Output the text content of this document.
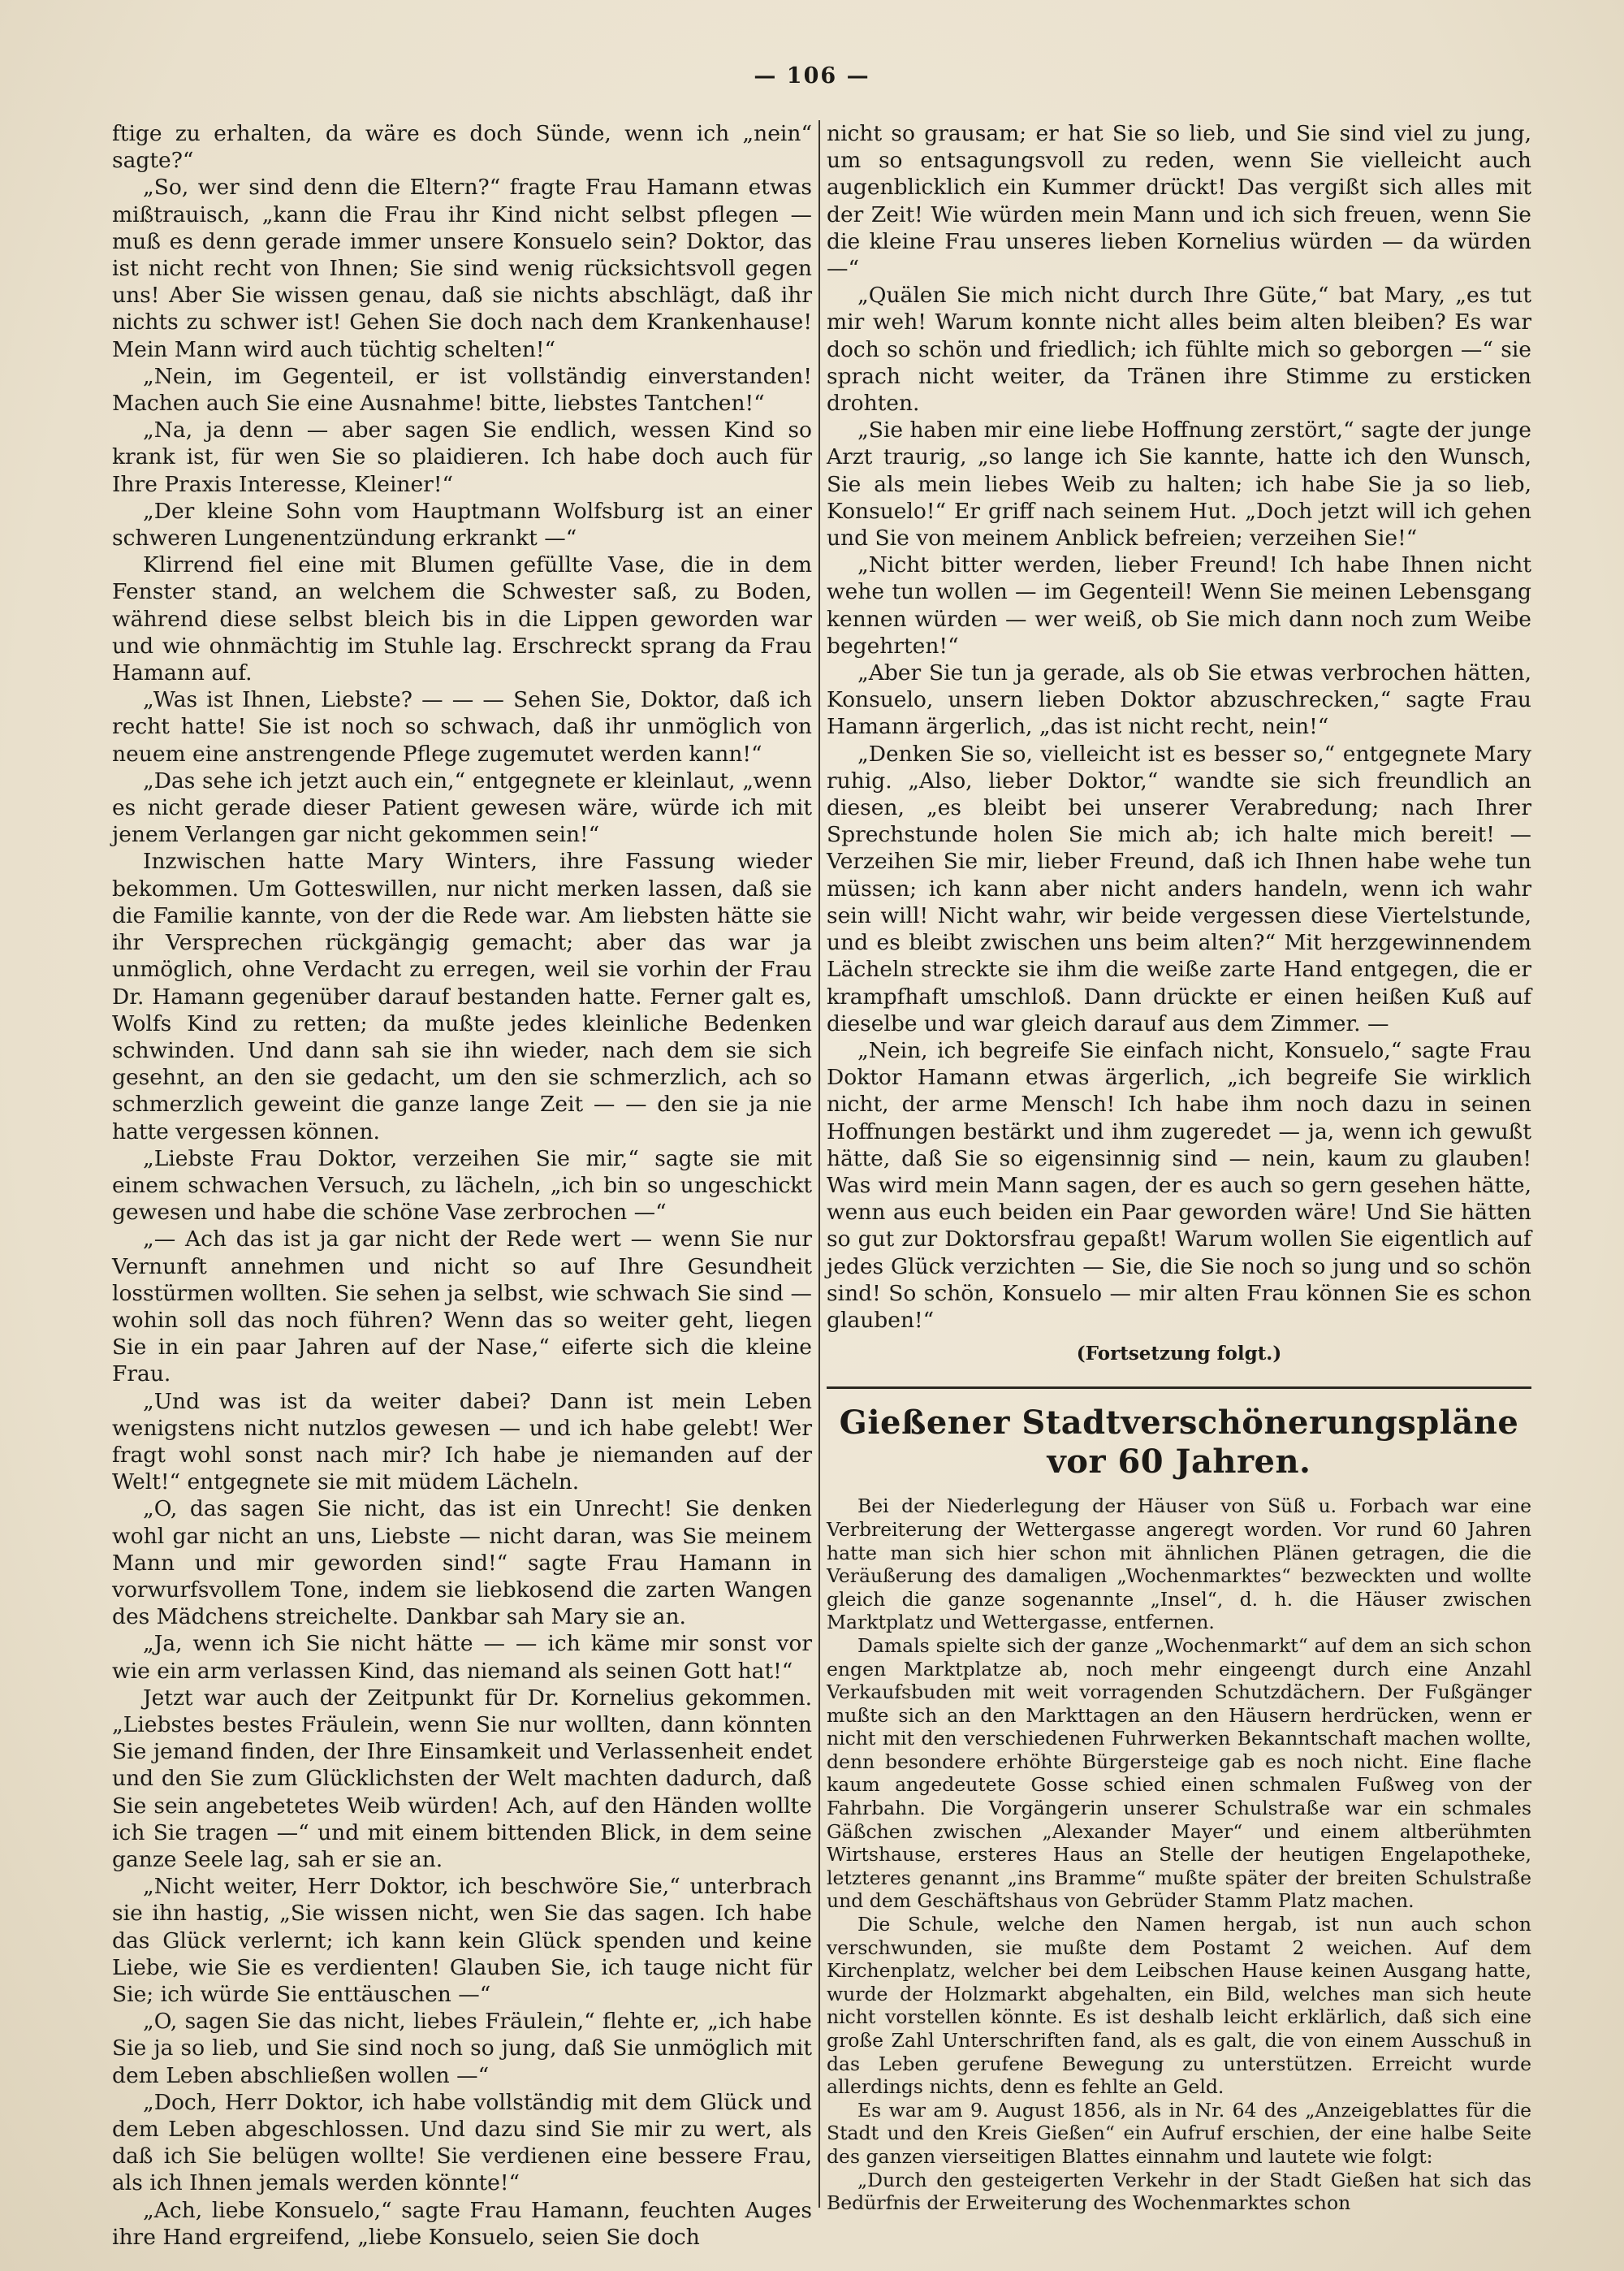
— 106 —

ftige zu erhalten, da wäre es doch Sünde, wenn ich „nein“ sagte?“

„So, wer sind denn die Eltern?“ fragte Frau Hamann etwas mißtrauisch, „kann die Frau ihr Kind nicht selbst pflegen — muß es denn gerade immer unsere Konsuelo sein? Doktor, das ist nicht recht von Ihnen; Sie sind wenig rücksichtsvoll gegen uns! Aber Sie wissen genau, daß sie nichts abschlägt, daß ihr nichts zu schwer ist! Gehen Sie doch nach dem Krankenhause! Mein Mann wird auch tüchtig schelten!“

„Nein, im Gegenteil, er ist vollständig einverstanden! Machen auch Sie eine Ausnahme! bitte, liebstes Tantchen!“

„Na, ja denn — aber sagen Sie endlich, wessen Kind so krank ist, für wen Sie so plaidieren. Ich habe doch auch für Ihre Praxis Interesse, Kleiner!“

„Der kleine Sohn vom Hauptmann Wolfsburg ist an einer schweren Lungenentzündung erkrankt —“

Klirrend fiel eine mit Blumen gefüllte Vase, die in dem Fenster stand, an welchem die Schwester saß, zu Boden, während diese selbst bleich bis in die Lippen geworden war und wie ohnmächtig im Stuhle lag. Erschreckt sprang da Frau Hamann auf.

„Was ist Ihnen, Liebste? — — — Sehen Sie, Doktor, daß ich recht hatte! Sie ist noch so schwach, daß ihr unmöglich von neuem eine anstrengende Pflege zugemutet werden kann!“

„Das sehe ich jetzt auch ein,“ entgegnete er kleinlaut, „wenn es nicht gerade dieser Patient gewesen wäre, würde ich mit jenem Verlangen gar nicht gekommen sein!“

Inzwischen hatte Mary Winters, ihre Fassung wieder bekommen. Um Gotteswillen, nur nicht merken lassen, daß sie die Familie kannte, von der die Rede war. Am liebsten hätte sie ihr Versprechen rückgängig gemacht; aber das war ja unmöglich, ohne Verdacht zu erregen, weil sie vorhin der Frau Dr. Hamann gegenüber darauf bestanden hatte. Ferner galt es, Wolfs Kind zu retten; da mußte jedes kleinliche Bedenken schwinden. Und dann sah sie ihn wieder, nach dem sie sich gesehnt, an den sie gedacht, um den sie schmerzlich, ach so schmerzlich geweint die ganze lange Zeit — — den sie ja nie hatte vergessen können.

„Liebste Frau Doktor, verzeihen Sie mir,“ sagte sie mit einem schwachen Versuch, zu lächeln, „ich bin so ungeschickt gewesen und habe die schöne Vase zerbrochen —“

„— Ach das ist ja gar nicht der Rede wert — wenn Sie nur Vernunft annehmen und nicht so auf Ihre Gesundheit losstürmen wollten. Sie sehen ja selbst, wie schwach Sie sind — wohin soll das noch führen? Wenn das so weiter geht, liegen Sie in ein paar Jahren auf der Nase,“ eiferte sich die kleine Frau.

„Und was ist da weiter dabei? Dann ist mein Leben wenigstens nicht nutzlos gewesen — und ich habe gelebt! Wer fragt wohl sonst nach mir? Ich habe je niemanden auf der Welt!“ entgegnete sie mit müdem Lächeln.

„O, das sagen Sie nicht, das ist ein Unrecht! Sie denken wohl gar nicht an uns, Liebste — nicht daran, was Sie meinem Mann und mir geworden sind!“ sagte Frau Hamann in vorwurfsvollem Tone, indem sie liebkosend die zarten Wangen des Mädchens streichelte. Dankbar sah Mary sie an.

„Ja, wenn ich Sie nicht hätte — — ich käme mir sonst vor wie ein arm verlassen Kind, das niemand als seinen Gott hat!“

Jetzt war auch der Zeitpunkt für Dr. Kornelius gekommen. „Liebstes bestes Fräulein, wenn Sie nur wollten, dann könnten Sie jemand finden, der Ihre Einsamkeit und Verlassenheit endet und den Sie zum Glücklichsten der Welt machten dadurch, daß Sie sein angebetetes Weib würden! Ach, auf den Händen wollte ich Sie tragen —“ und mit einem bittenden Blick, in dem seine ganze Seele lag, sah er sie an.

„Nicht weiter, Herr Doktor, ich beschwöre Sie,“ unterbrach sie ihn hastig, „Sie wissen nicht, wen Sie das sagen. Ich habe das Glück verlernt; ich kann kein Glück spenden und keine Liebe, wie Sie es verdienten! Glauben Sie, ich tauge nicht für Sie; ich würde Sie enttäuschen —“

„O, sagen Sie das nicht, liebes Fräulein,“ flehte er, „ich habe Sie ja so lieb, und Sie sind noch so jung, daß Sie unmöglich mit dem Leben abschließen wollen —“

„Doch, Herr Doktor, ich habe vollständig mit dem Glück und dem Leben abgeschlossen. Und dazu sind Sie mir zu wert, als daß ich Sie belügen wollte! Sie verdienen eine bessere Frau, als ich Ihnen jemals werden könnte!“

„Ach, liebe Konsuelo,“ sagte Frau Hamann, feuchten Auges ihre Hand ergreifend, „liebe Konsuelo, seien Sie doch

nicht so grausam; er hat Sie so lieb, und Sie sind viel zu jung, um so entsagungsvoll zu reden, wenn Sie vielleicht auch augenblicklich ein Kummer drückt! Das vergißt sich alles mit der Zeit! Wie würden mein Mann und ich sich freuen, wenn Sie die kleine Frau unseres lieben Kornelius würden — da würden —“

„Quälen Sie mich nicht durch Ihre Güte,“ bat Mary, „es tut mir weh! Warum konnte nicht alles beim alten bleiben? Es war doch so schön und friedlich; ich fühlte mich so geborgen —“ sie sprach nicht weiter, da Tränen ihre Stimme zu ersticken drohten.

„Sie haben mir eine liebe Hoffnung zerstört,“ sagte der junge Arzt traurig, „so lange ich Sie kannte, hatte ich den Wunsch, Sie als mein liebes Weib zu halten; ich habe Sie ja so lieb, Konsuelo!“ Er griff nach seinem Hut. „Doch jetzt will ich gehen und Sie von meinem Anblick befreien; verzeihen Sie!“

„Nicht bitter werden, lieber Freund! Ich habe Ihnen nicht wehe tun wollen — im Gegenteil! Wenn Sie meinen Lebensgang kennen würden — wer weiß, ob Sie mich dann noch zum Weibe begehrten!“

„Aber Sie tun ja gerade, als ob Sie etwas verbrochen hätten, Konsuelo, unsern lieben Doktor abzuschrecken,“ sagte Frau Hamann ärgerlich, „das ist nicht recht, nein!“

„Denken Sie so, vielleicht ist es besser so,“ entgegnete Mary ruhig. „Also, lieber Doktor,“ wandte sie sich freundlich an diesen, „es bleibt bei unserer Verabredung; nach Ihrer Sprechstunde holen Sie mich ab; ich halte mich bereit! — Verzeihen Sie mir, lieber Freund, daß ich Ihnen habe wehe tun müssen; ich kann aber nicht anders handeln, wenn ich wahr sein will! Nicht wahr, wir beide vergessen diese Viertelstunde, und es bleibt zwischen uns beim alten?“ Mit herzgewinnendem Lächeln streckte sie ihm die weiße zarte Hand entgegen, die er krampfhaft umschloß. Dann drückte er einen heißen Kuß auf dieselbe und war gleich darauf aus dem Zimmer. —

„Nein, ich begreife Sie einfach nicht, Konsuelo,“ sagte Frau Doktor Hamann etwas ärgerlich, „ich begreife Sie wirklich nicht, der arme Mensch! Ich habe ihm noch dazu in seinen Hoffnungen bestärkt und ihm zugeredet — ja, wenn ich gewußt hätte, daß Sie so eigensinnig sind — nein, kaum zu glauben! Was wird mein Mann sagen, der es auch so gern gesehen hätte, wenn aus euch beiden ein Paar geworden wäre! Und Sie hätten so gut zur Doktorsfrau gepaßt! Warum wollen Sie eigentlich auf jedes Glück verzichten — Sie, die Sie noch so jung und so schön sind! So schön, Konsuelo — mir alten Frau können Sie es schon glauben!“

(Fortsetzung folgt.)

Gießener Stadtverschönerungspläne vor 60 Jahren.

Bei der Niederlegung der Häuser von Süß u. Forbach war eine Verbreiterung der Wettergasse angeregt worden. Vor rund 60 Jahren hatte man sich hier schon mit ähnlichen Plänen getragen, die die Veräußerung des damaligen „Wochenmarktes“ bezweckten und wollte gleich die ganze sogenannte „Insel“, d. h. die Häuser zwischen Marktplatz und Wettergasse, entfernen.

Damals spielte sich der ganze „Wochenmarkt“ auf dem an sich schon engen Marktplatze ab, noch mehr eingeengt durch eine Anzahl Verkaufsbuden mit weit vorragenden Schutzdächern. Der Fußgänger mußte sich an den Markttagen an den Häusern herdrücken, wenn er nicht mit den verschiedenen Fuhrwerken Bekanntschaft machen wollte, denn besondere erhöhte Bürgersteige gab es noch nicht. Eine flache kaum angedeutete Gosse schied einen schmalen Fußweg von der Fahrbahn. Die Vorgängerin unserer Schulstraße war ein schmales Gäßchen zwischen „Alexander Mayer“ und einem altberühmten Wirtshause, ersteres Haus an Stelle der heutigen Engelapotheke, letzteres genannt „ins Bramme“ mußte später der breiten Schulstraße und dem Geschäftshaus von Gebrüder Stamm Platz machen.

Die Schule, welche den Namen hergab, ist nun auch schon verschwunden, sie mußte dem Postamt 2 weichen. Auf dem Kirchenplatz, welcher bei dem Leibschen Hause keinen Ausgang hatte, wurde der Holzmarkt abgehalten, ein Bild, welches man sich heute nicht vorstellen könnte. Es ist deshalb leicht erklärlich, daß sich eine große Zahl Unterschriften fand, als es galt, die von einem Ausschuß in das Leben gerufene Bewegung zu unterstützen. Erreicht wurde allerdings nichts, denn es fehlte an Geld.

Es war am 9. August 1856, als in Nr. 64 des „Anzeigeblattes für die Stadt und den Kreis Gießen“ ein Aufruf erschien, der eine halbe Seite des ganzen vierseitigen Blattes einnahm und lautete wie folgt:

„Durch den gesteigerten Verkehr in der Stadt Gießen hat sich das Bedürfnis der Erweiterung des Wochenmarktes schon
